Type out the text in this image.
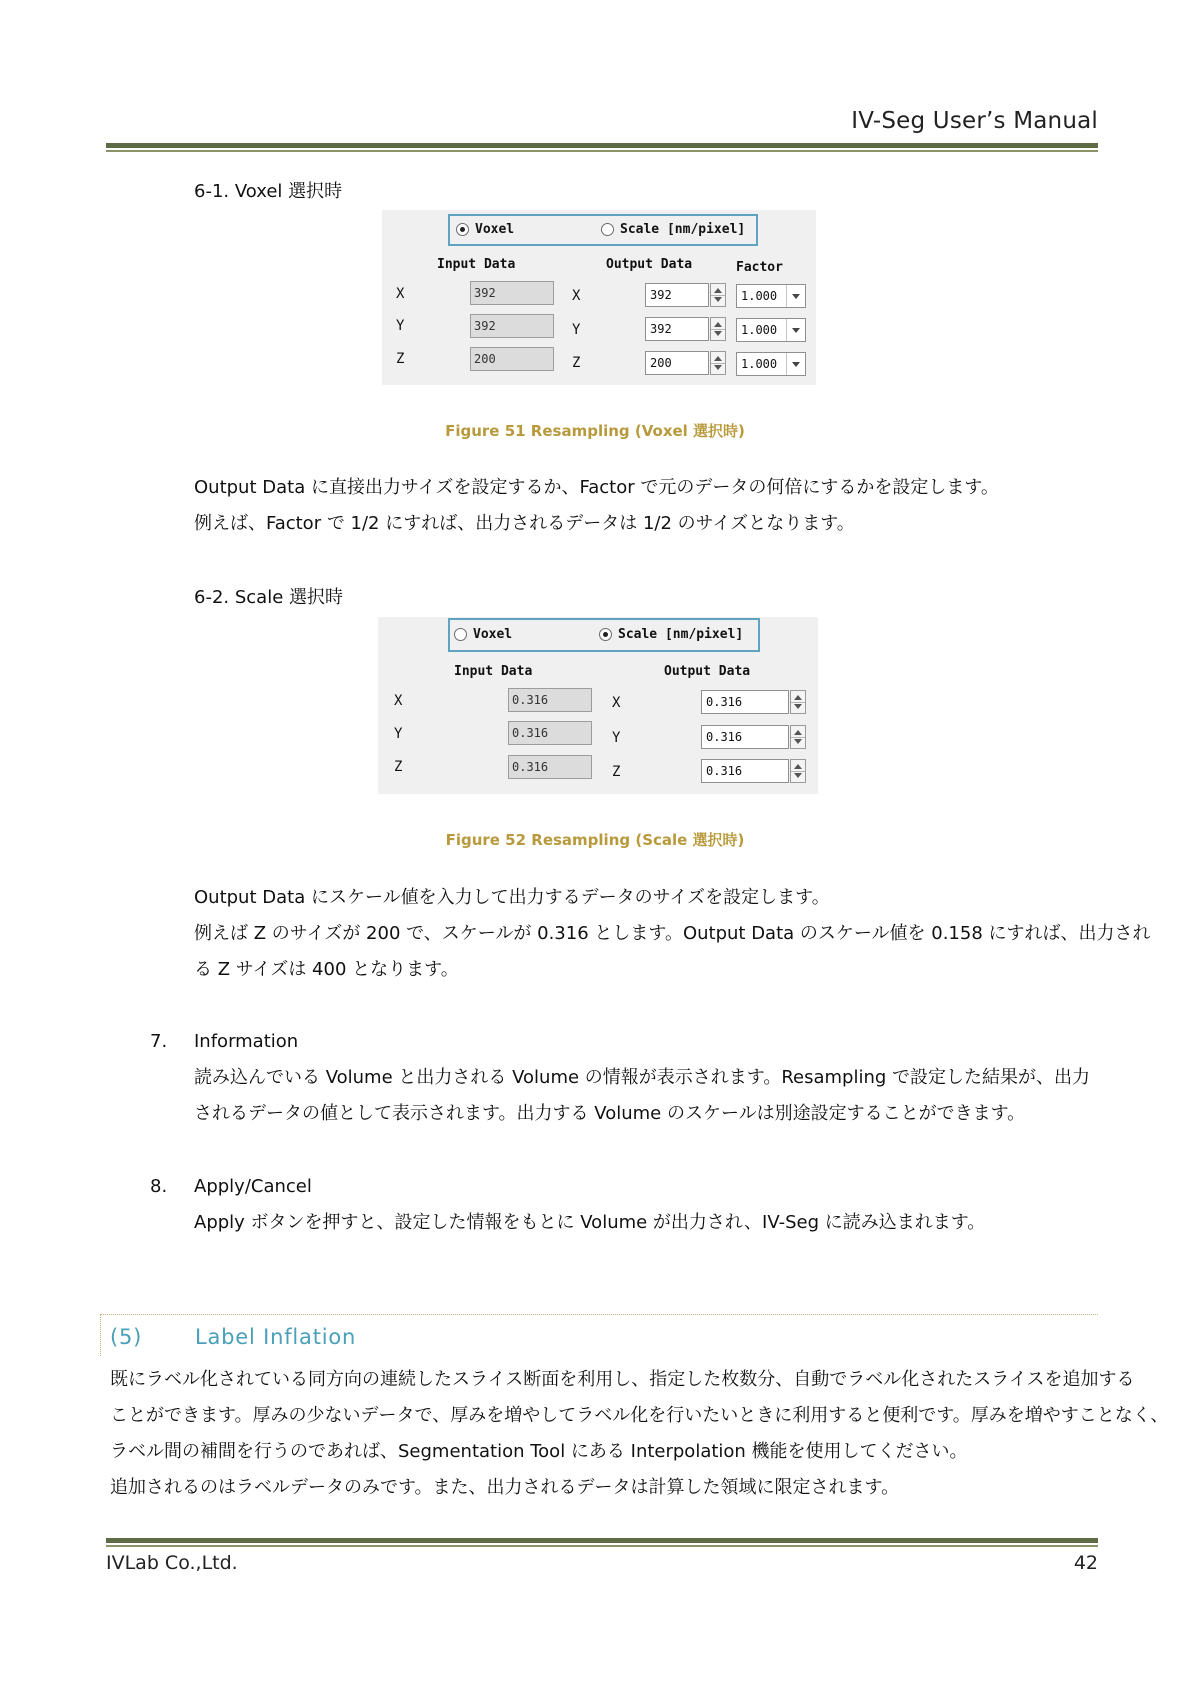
IV-Seg User’s Manual
6-1. Voxel 選択時
Voxel	Scale [nm/pixel]
Input Data	Output Data	Factor
X	392	X	392	1.000
Y	392	Y	392	1.000
Z	200	Z	200	1.000
Figure 51 Resampling (Voxel 選択時)
Output Data に直接出力サイズを設定するか、Factor で元のデータの何倍にするかを設定します。
例えば、Factor で 1/2 にすれば、出力されるデータは 1/2 のサイズとなります。
6-2. Scale 選択時
Voxel	Scale [nm/pixel]
Input Data	Output Data
X	0.316	X	0.316
Y	0.316	Y	0.316
Z	0.316	Z	0.316
Figure 52 Resampling (Scale 選択時)
Output Data にスケール値を入力して出力するデータのサイズを設定します。
例えば Z のサイズが 200 で、スケールが 0.316 とします。Output Data のスケール値を 0.158 にすれば、出力され
る Z サイズは 400 となります。
7. Information
読み込んでいる Volume と出力される Volume の情報が表示されます。Resampling で設定した結果が、出力
されるデータの値として表示されます。出力する Volume のスケールは別途設定することができます。
8. Apply/Cancel
Apply ボタンを押すと、設定した情報をもとに Volume が出力され、IV-Seg に読み込まれます。
(5)	Label Inflation
既にラベル化されている同方向の連続したスライス断面を利用し、指定した枚数分、自動でラベル化されたスライスを追加する
ことができます。厚みの少ないデータで、厚みを増やしてラベル化を行いたいときに利用すると便利です。厚みを増やすことなく、
ラベル間の補間を行うのであれば、Segmentation Tool にある Interpolation 機能を使用してください。
追加されるのはラベルデータのみです。また、出力されるデータは計算した領域に限定されます。
IVLab Co.,Ltd.	42
